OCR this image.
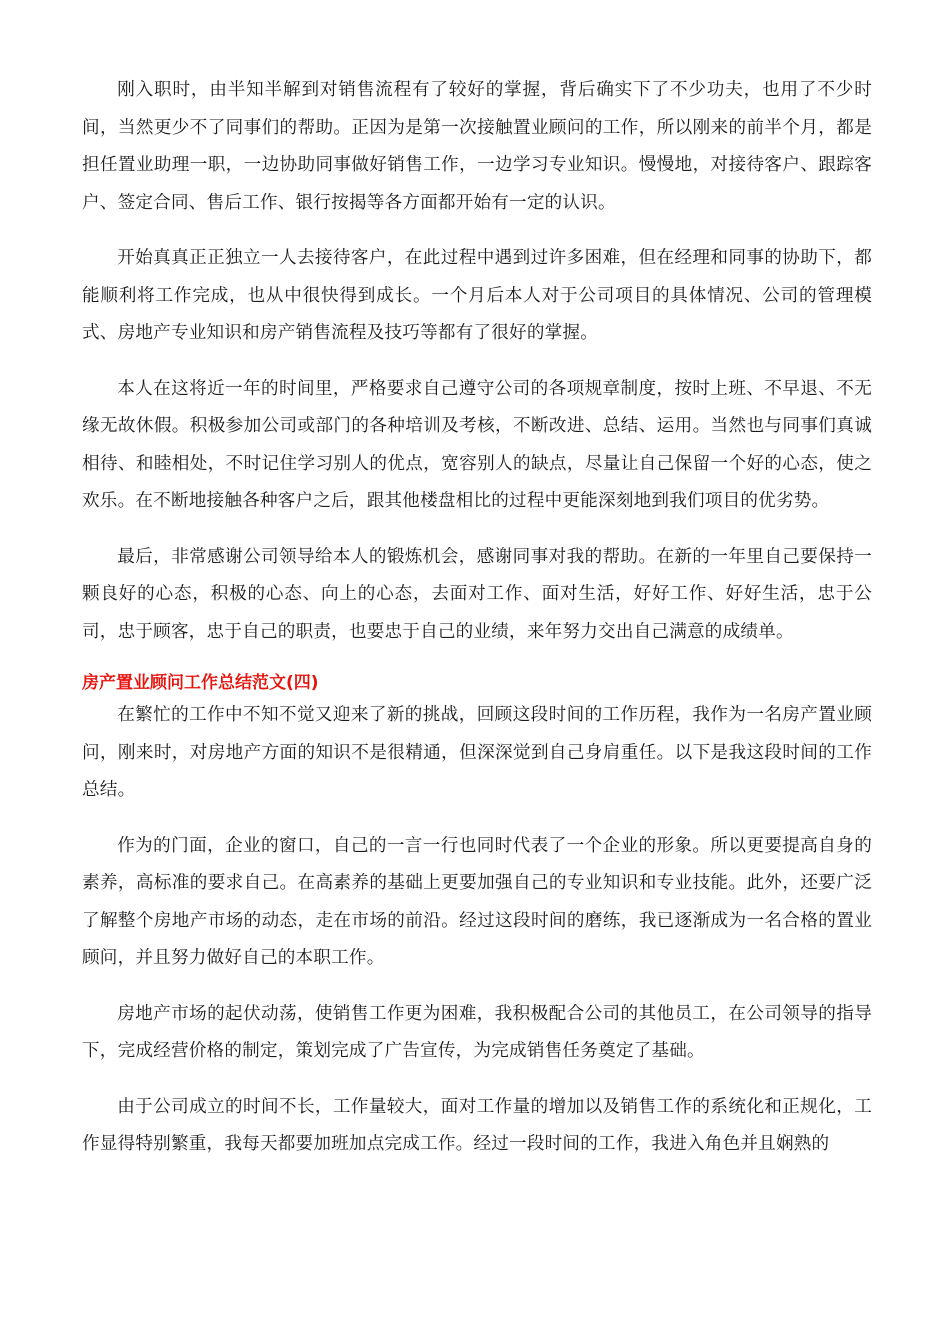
刚入职时，由半知半解到对销售流程有了较好的掌握，背后确实下了不少功夫，也用了不少时间，当然更少不了同事们的帮助。正因为是第一次接触置业顾问的工作，所以刚来的前半个月，都是担任置业助理一职，一边协助同事做好销售工作，一边学习专业知识。慢慢地，对接待客户、跟踪客户、签定合同、售后工作、银行按揭等各方面都开始有一定的认识。

开始真真正正独立一人去接待客户，在此过程中遇到过许多困难，但在经理和同事的协助下，都能顺利将工作完成，也从中很快得到成长。一个月后本人对于公司项目的具体情况、公司的管理模式、房地产专业知识和房产销售流程及技巧等都有了很好的掌握。

本人在这将近一年的时间里，严格要求自己遵守公司的各项规章制度，按时上班、不早退、不无缘无故休假。积极参加公司或部门的各种培训及考核，不断改进、总结、运用。当然也与同事们真诚相待、和睦相处，不时记住学习别人的优点，宽容别人的缺点，尽量让自己保留一个好的心态，使之欢乐。在不断地接触各种客户之后，跟其他楼盘相比的过程中更能深刻地到我们项目的优劣势。

最后，非常感谢公司领导给本人的锻炼机会，感谢同事对我的帮助。在新的一年里自己要保持一颗良好的心态，积极的心态、向上的心态，去面对工作、面对生活，好好工作、好好生活，忠于公司，忠于顾客，忠于自己的职责，也要忠于自己的业绩，来年努力交出自己满意的成绩单。

房产置业顾问工作总结范文(四)

在繁忙的工作中不知不觉又迎来了新的挑战，回顾这段时间的工作历程，我作为一名房产置业顾问，刚来时，对房地产方面的知识不是很精通，但深深觉到自己身肩重任。以下是我这段时间的工作总结。

作为的门面，企业的窗口，自己的一言一行也同时代表了一个企业的形象。所以更要提高自身的素养，高标准的要求自己。在高素养的基础上更要加强自己的专业知识和专业技能。此外，还要广泛了解整个房地产市场的动态，走在市场的前沿。经过这段时间的磨练，我已逐渐成为一名合格的置业顾问，并且努力做好自己的本职工作。

房地产市场的起伏动荡，使销售工作更为困难，我积极配合公司的其他员工，在公司领导的指导下，完成经营价格的制定，策划完成了广告宣传，为完成销售任务奠定了基础。

由于公司成立的时间不长，工作量较大，面对工作量的增加以及销售工作的系统化和正规化，工作显得特别繁重，我每天都要加班加点完成工作。经过一段时间的工作，我进入角色并且娴熟的
